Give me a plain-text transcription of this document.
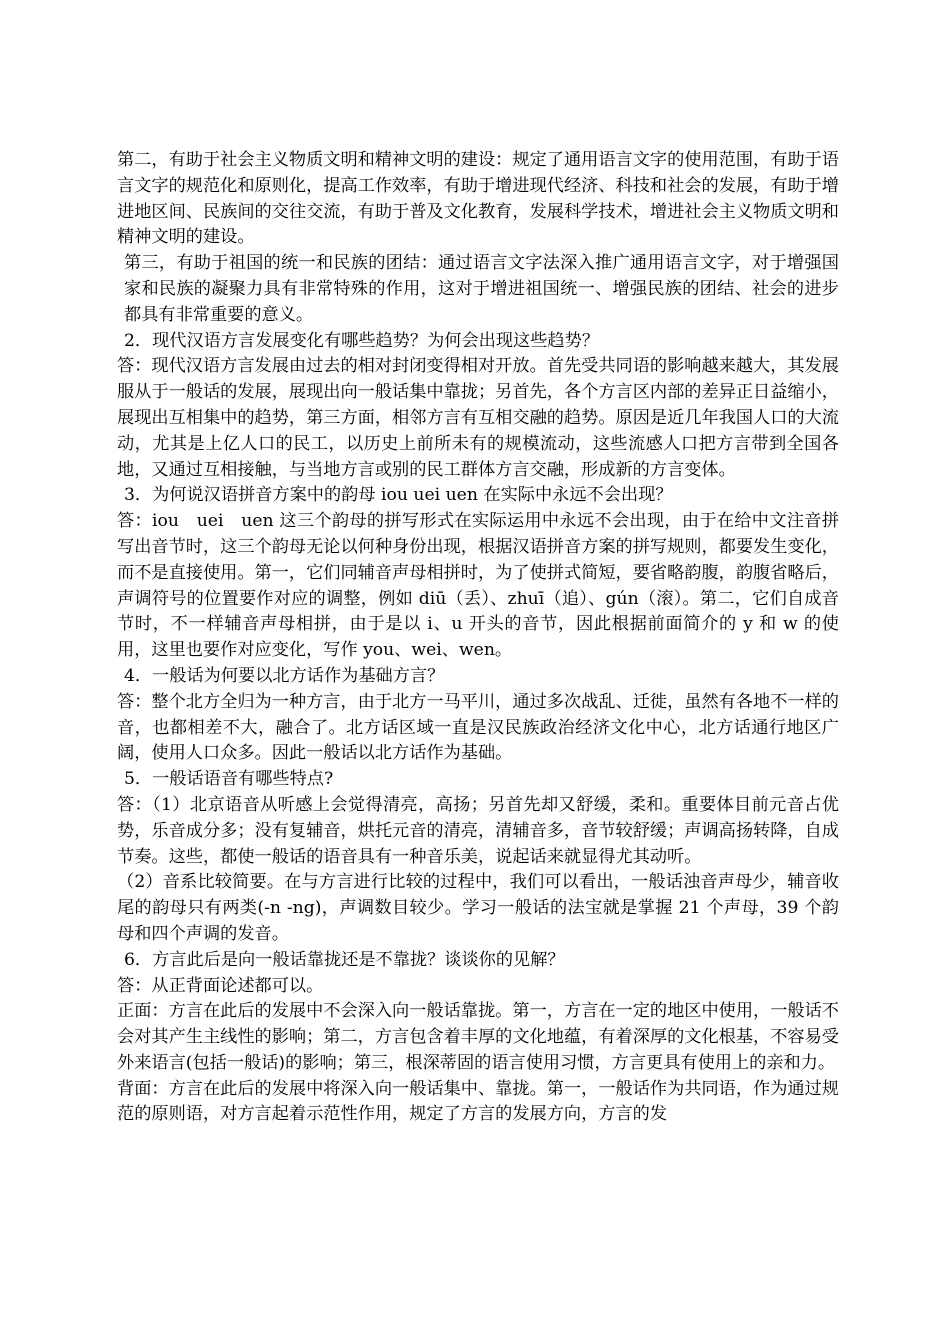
第二，有助于社会主义物质文明和精神文明的建设：规定了通用语言文字的使用范围，有助于语言文字的规范化和原则化，提高工作效率，有助于增进现代经济、科技和社会的发展，有助于增进地区间、民族间的交往交流，有助于普及文化教育，发展科学技术，增进社会主义物质文明和精神文明的建设。

第三，有助于祖国的统一和民族的团结：通过语言文字法深入推广通用语言文字，对于增强国家和民族的凝聚力具有非常特殊的作用，这对于增进祖国统一、增强民族的团结、社会的进步都具有非常重要的意义。

2．现代汉语方言发展变化有哪些趋势？为何会出现这些趋势？

答：现代汉语方言发展由过去的相对封闭变得相对开放。首先受共同语的影响越来越大，其发展服从于一般话的发展，展现出向一般话集中靠拢；另首先，各个方言区内部的差异正日益缩小，展现出互相集中的趋势，第三方面，相邻方言有互相交融的趋势。原因是近几年我国人口的大流动，尤其是上亿人口的民工，以历史上前所未有的规模流动，这些流感人口把方言带到全国各地，又通过互相接触，与当地方言或别的民工群体方言交融，形成新的方言变体。

3．为何说汉语拼音方案中的韵母 iou uei uen 在实际中永远不会出现？

答：iou　uei　uen 这三个韵母的拼写形式在实际运用中永远不会出现，由于在给中文注音拼写出音节时，这三个韵母无论以何种身份出现，根据汉语拼音方案的拼写规则，都要发生变化，而不是直接使用。第一，它们同辅音声母相拼时，为了使拼式简短，要省略韵腹，韵腹省略后，声调符号的位置要作对应的调整，例如 diū（丢）、zhuī（追）、gún（滚）。第二，它们自成音节时，不一样辅音声母相拼，由于是以 i、u 开头的音节，因此根据前面简介的 y 和 w 的使用，这里也要作对应变化，写作 you、wei、wen。

4．一般话为何要以北方话作为基础方言？

答：整个北方全归为一种方言，由于北方一马平川，通过多次战乱、迁徙，虽然有各地不一样的音，也都相差不大，融合了。北方话区域一直是汉民族政治经济文化中心，北方话通行地区广阔，使用人口众多。因此一般话以北方话作为基础。

5．一般话语音有哪些特点?

答：（1）北京语音从听感上会觉得清亮，高扬；另首先却又舒缓，柔和。重要体目前元音占优势，乐音成分多；没有复辅音，烘托元音的清亮，清辅音多，音节较舒缓；声调高扬转降，自成节奏。这些，都使一般话的语音具有一种音乐美，说起话来就显得尤其动听。

（2）音系比较简要。在与方言进行比较的过程中，我们可以看出，一般话浊音声母少，辅音收尾的韵母只有两类(-n -ng)，声调数目较少。学习一般话的法宝就是掌握 21 个声母，39 个韵母和四个声调的发音。

6．方言此后是向一般话靠拢还是不靠拢？谈谈你的见解？

答：从正背面论述都可以。

正面：方言在此后的发展中不会深入向一般话靠拢。第一，方言在一定的地区中使用，一般话不会对其产生主线性的影响；第二，方言包含着丰厚的文化地蕴，有着深厚的文化根基，不容易受外来语言(包括一般话)的影响；第三，根深蒂固的语言使用习惯，方言更具有使用上的亲和力。

背面：方言在此后的发展中将深入向一般话集中、靠拢。第一，一般话作为共同语，作为通过规范的原则语，对方言起着示范性作用，规定了方言的发展方向，方言的发
